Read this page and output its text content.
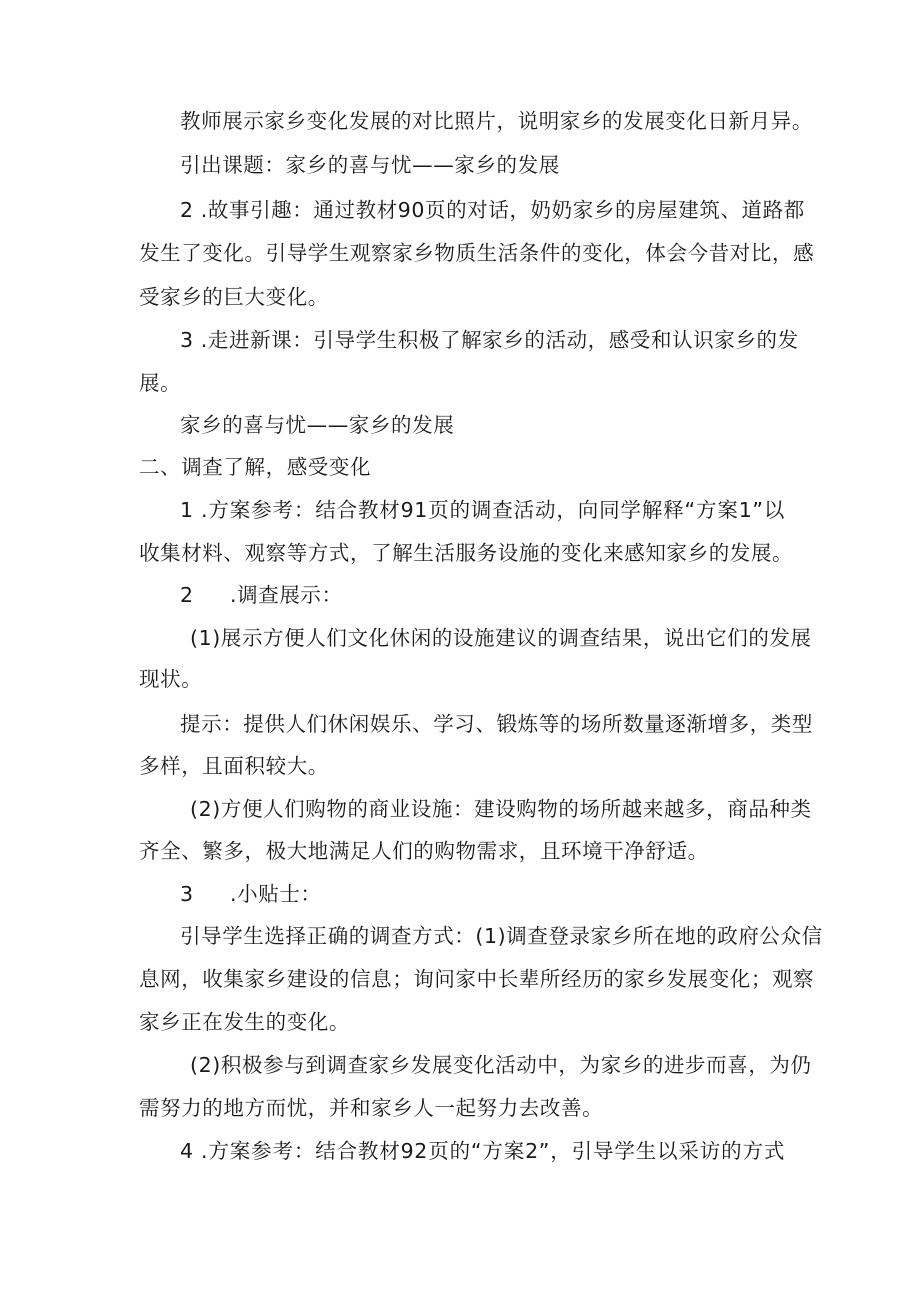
教师展示家乡变化发展的对比照片，说明家乡的发展变化日新月异。
引出课题：家乡的喜与忧——家乡的发展
2 .故事引趣：通过教材90页的对话，奶奶家乡的房屋建筑、道路都
发生了变化。引导学生观察家乡物质生活条件的变化，体会今昔对比，感
受家乡的巨大变化。
3 .走进新课：引导学生积极了解家乡的活动，感受和认识家乡的发
展。
家乡的喜与忧——家乡的发展
二、调查了解，感受变化
1 .方案参考：结合教材91页的调查活动，向同学解释“方案1”以
收集材料、观察等方式，了解生活服务设施的变化来感知家乡的发展。
2 .调查展示：
(1)展示方便人们文化休闲的设施建议的调查结果，说出它们的发展
现状。
提示：提供人们休闲娱乐、学习、锻炼等的场所数量逐渐增多，类型
多样，且面积较大。
(2)方便人们购物的商业设施：建设购物的场所越来越多，商品种类
齐全、繁多，极大地满足人们的购物需求，且环境干净舒适。
3 .小贴士：
引导学生选择正确的调查方式：(1)调查登录家乡所在地的政府公众信
息网，收集家乡建设的信息；询问家中长辈所经历的家乡发展变化；观察
家乡正在发生的变化。
(2)积极参与到调查家乡发展变化活动中，为家乡的进步而喜，为仍
需努力的地方而忧，并和家乡人一起努力去改善。
4 .方案参考：结合教材92页的“方案2”，引导学生以采访的方式
